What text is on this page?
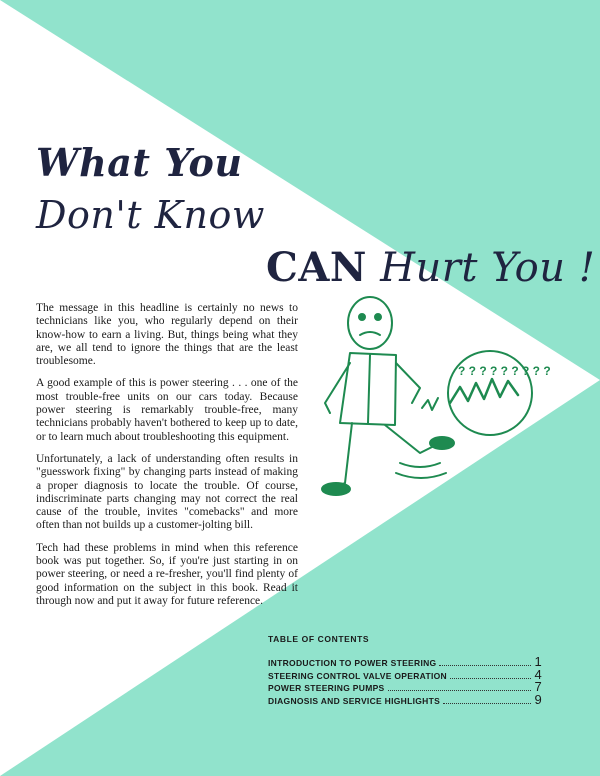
What You
Don't Know
CAN Hurt You !

The message in this headline is certainly no news to technicians like you, who regularly depend on their know-how to earn a living. But, things being what they are, we all tend to ignore the things that are the least troublesome.

A good example of this is power steering . . . one of the most trouble-free units on our cars today. Because power steering is remarkably trouble-free, many technicians probably haven't bothered to keep up to date, or to learn much about troubleshooting this equipment.

Unfortunately, a lack of understanding often results in "guesswork fixing" by changing parts instead of making a proper diagnosis to locate the trouble. Of course, indiscriminate parts changing may not correct the real cause of the trouble, invites "comebacks" and more often than not builds up a customer-jolting bill.

Tech had these problems in mind when this reference book was put together. So, if you're just starting in on power steering, or need a re-fresher, you'll find plenty of good information on the subject in this book. Read it through now and put it away for future reference.

? ? ? ? ? ? ? ? ?
TABLE OF CONTENTS
INTRODUCTION TO POWER STEERING	1
STEERING CONTROL VALVE OPERATION	4
POWER STEERING PUMPS	7
DIAGNOSIS AND SERVICE HIGHLIGHTS	9
